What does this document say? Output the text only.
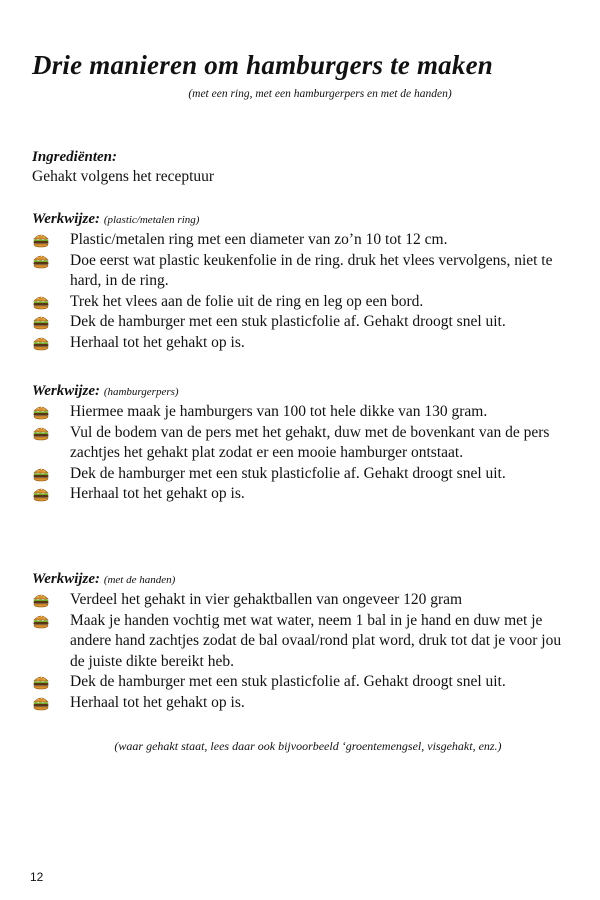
Drie manieren om hamburgers te maken
(met een ring, met een hamburgerpers en met de handen)
Ingrediënten:
Gehakt volgens het receptuur
Werkwijze: (plastic/metalen ring)
Plastic/metalen ring met een diameter van zo’n 10 tot 12 cm.
Doe eerst wat plastic keukenfolie in de ring. druk het vlees vervolgens, niet te hard, in de ring.
Trek het vlees aan de folie uit de ring en leg op een bord.
Dek de hamburger met een stuk plasticfolie af. Gehakt droogt snel uit.
Herhaal tot het gehakt op is.
Werkwijze: (hamburgerpers)
Hiermee maak je hamburgers van 100 tot hele dikke van 130 gram.
Vul de bodem van de pers met het gehakt, duw met de bovenkant van de pers zachtjes het gehakt plat zodat er een mooie hamburger ontstaat.
Dek de hamburger met een stuk plasticfolie af. Gehakt droogt snel uit.
Herhaal tot het gehakt op is.
Werkwijze: (met de handen)
Verdeel het gehakt in vier gehaktballen van ongeveer 120 gram
Maak je handen vochtig met wat water, neem 1 bal in je hand en duw met je andere hand zachtjes zodat de bal ovaal/rond plat word, druk tot dat je voor jou de juiste dikte bereikt heb.
Dek de hamburger met een stuk plasticfolie af. Gehakt droogt snel uit.
Herhaal tot het gehakt op is.
(waar gehakt staat, lees daar ook bijvoorbeeld ‘groentemengsel, visgehakt, enz.)
12
